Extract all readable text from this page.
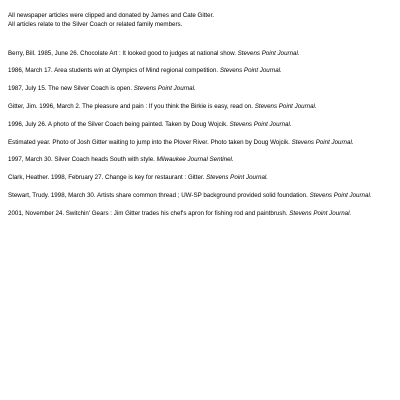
All newspaper articles were clipped and donated by James and Cate Gitter.

All articles relate to the Silver Coach or related family members.

Berry, Bill. 1985, June 26. Chocolate Art : It looked good to judges at national show. Stevens Point Journal.

1986, March 17. Area students win at Olympics of Mind regional competition. Stevens Point Journal.

1987, July 15. The new Silver Coach is open. Stevens Point Journal.

Gitter, Jim. 1996, March 2. The pleasure and pain : If you think the Birkie is easy, read on. Stevens Point Journal.

1996, July 26. A photo of the Silver Coach being painted. Taken by Doug Wojcik. Stevens Point Journal.

Estimated year. Photo of Josh Gitter waiting to jump into the Plover River. Photo taken by Doug Wojcik. Stevens Point Journal.

1997, March 30. Silver Coach heads South with style. Milwaukee Journal Sentinel.

Clark, Heather. 1998, February 27. Change is key for restaurant : Gitter. Stevens Point Journal.

Stewart, Trudy. 1998, March 30. Artists share common thread ; UW-SP background provided solid foundation. Stevens Point Journal.

2001, November 24. Switchin' Gears : Jim Gitter trades his chef's apron for fishing rod and paintbrush. Stevens Point Journal.
